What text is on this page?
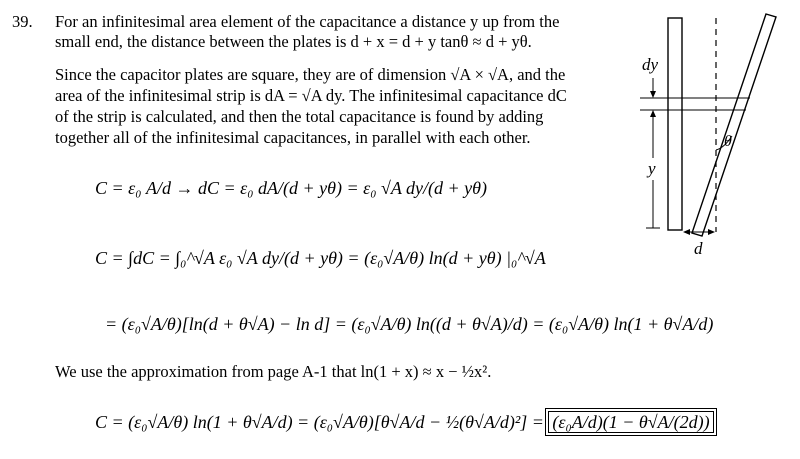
39. For an infinitesimal area element of the capacitance a distance y up from the
small end, the distance between the plates is d + x = d + y tanθ ≈ d + yθ.
Since the capacitor plates are square, they are of dimension √A × √A, and the
area of the infinitesimal strip is dA = √A dy. The infinitesimal capacitance dC
of the strip is calculated, and then the total capacitance is found by adding
together all of the infinitesimal capacitances, in parallel with each other.
C = ε₀ A/d → dC = ε₀ dA/(d + yθ) = ε₀ √A dy/(d + yθ)
C = ∫dC = ∫₀^√A ε₀ √A dy/(d + yθ) = (ε₀√A/θ) ln(d + yθ) |₀^√A
= (ε₀√A/θ)[ln(d + θ√A) − ln d] = (ε₀√A/θ) ln((d + θ√A)/d) = (ε₀√A/θ) ln(1 + θ√A/d)
We use the approximation from page A-1 that ln(1 + x) ≈ x − ½x².
C = (ε₀√A/θ) ln(1 + θ√A/d) = (ε₀√A/θ)[θ√A/d − ½(θ√A/d)²] = (ε₀A/d)(1 − θ√A/(2d))
dy
y
θ
d
